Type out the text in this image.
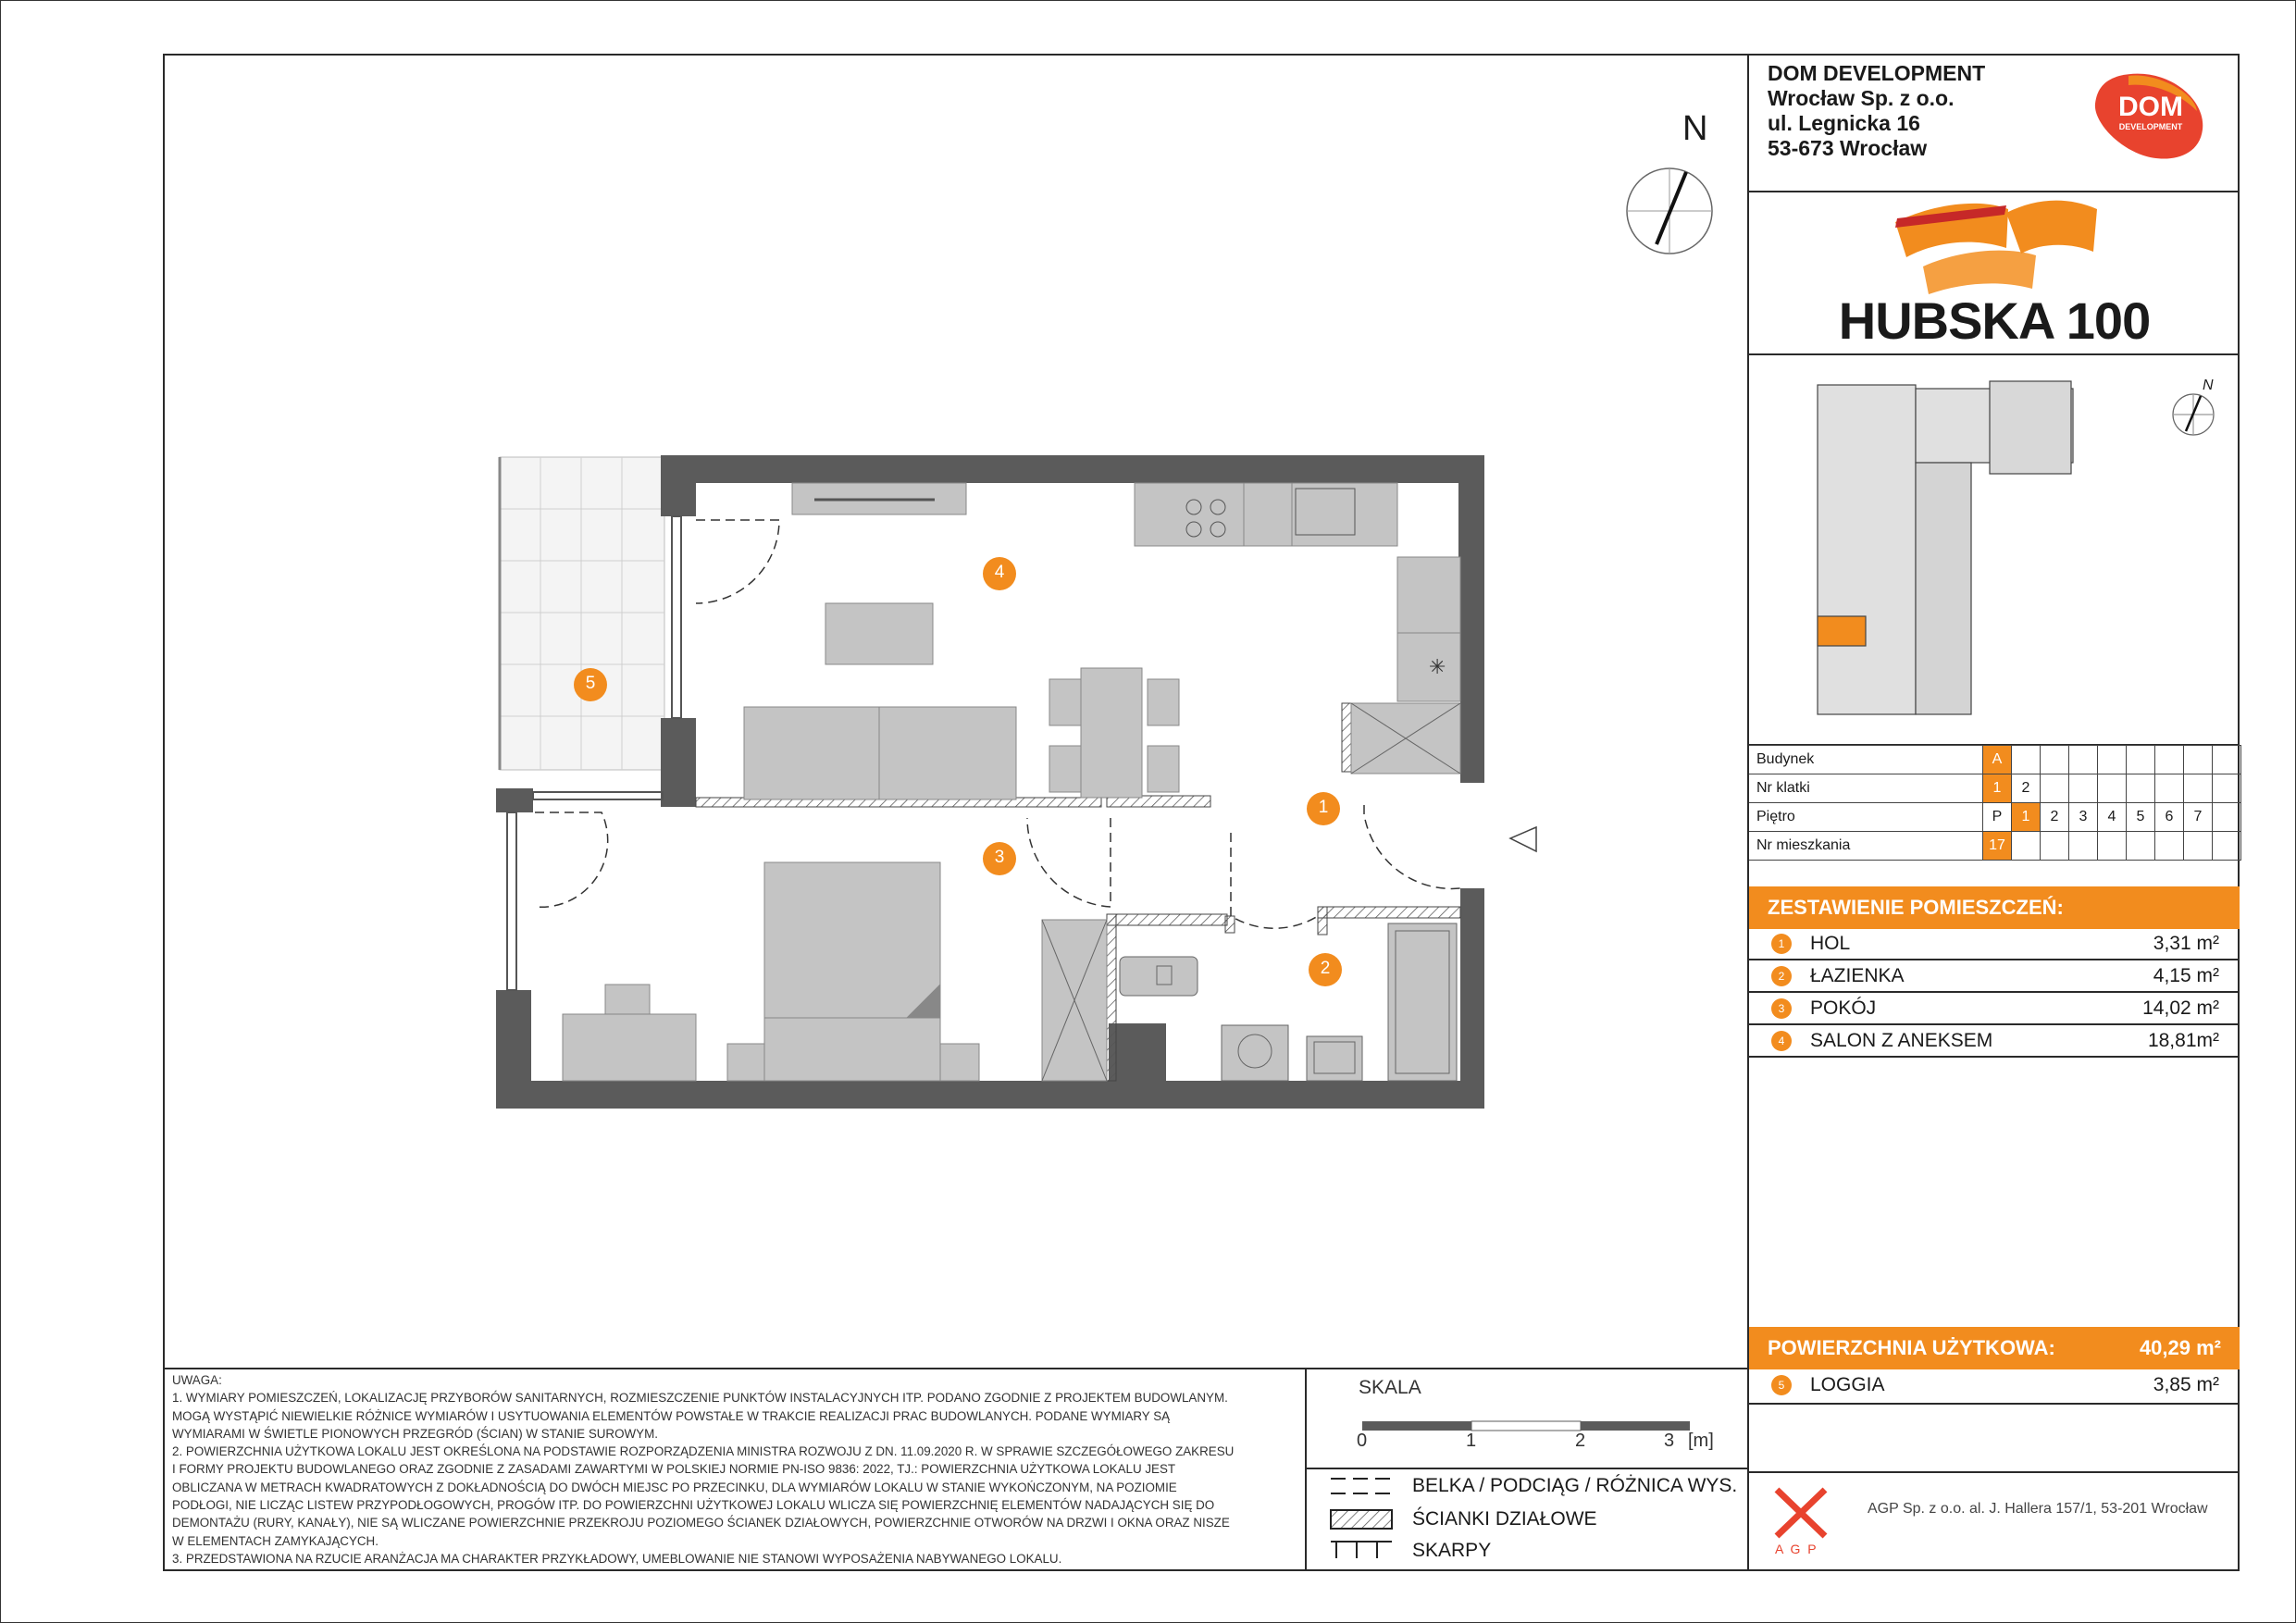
✳
N
DOM DEVELOPMENT
Wrocław Sp. z o.o.
ul. Legnicka 16
53-673 Wrocław
DOM
DEVELOPMENT
HUBSKA 100
N
Budynek	A								
Nr klatki	1	2							
Piętro	P	1	2	3	4	5	6	7	
Nr mieszkania	17								
ZESTAWIENIE POMIESZCZEŃ:
1	HOL	3,31 m²
2	ŁAZIENKA	4,15 m²
3	POKÓJ	14,02 m²
4	SALON Z ANEKSEM	18,81m²
POWIERZCHNIA UŻYTKOWA:	40,29 m²
5	LOGGIA	3,85 m²
1
2
3
4
5
UWAGA:
1. WYMIARY POMIESZCZEŃ, LOKALIZACJĘ PRZYBORÓW SANITARNYCH, ROZMIESZCZENIE PUNKTÓW INSTALACYJNYCH ITP. PODANO ZGODNIE Z PROJEKTEM BUDOWLANYM.
MOGĄ WYSTĄPIĆ NIEWIELKIE RÓŻNICE WYMIARÓW I USYTUOWANIA ELEMENTÓW POWSTAŁE W TRAKCIE REALIZACJI PRAC BUDOWLANYCH. PODANE WYMIARY SĄ
WYMIARAMI W ŚWIETLE PIONOWYCH PRZEGRÓD (ŚCIAN) W STANIE SUROWYM.
2. POWIERZCHNIA UŻYTKOWA LOKALU JEST OKREŚLONA NA PODSTAWIE ROZPORZĄDZENIA MINISTRA ROZWOJU Z DN. 11.09.2020 R. W SPRAWIE SZCZEGÓŁOWEGO ZAKRESU
I FORMY PROJEKTU BUDOWLANEGO ORAZ ZGODNIE Z ZASADAMI ZAWARTYMI W POLSKIEJ NORMIE PN-ISO 9836: 2022, TJ.: POWIERZCHNIA UŻYTKOWA LOKALU JEST
OBLICZANA W METRACH KWADRATOWYCH Z DOKŁADNOŚCIĄ DO DWÓCH MIEJSC PO PRZECINKU, DLA WYMIARÓW LOKALU W STANIE WYKOŃCZONYM, NA POZIOMIE
PODŁOGI, NIE LICZĄC LISTEW PRZYPODŁOGOWYCH, PROGÓW ITP. DO POWIERZCHNI UŻYTKOWEJ LOKALU WLICZA SIĘ POWIERZCHNIĘ ELEMENTÓW NADAJĄCYCH SIĘ DO
DEMONTAŻU (RURY, KANAŁY), NIE SĄ WLICZANE POWIERZCHNIE PRZEKROJU POZIOMEGO ŚCIANEK DZIAŁOWYCH, POWIERZCHNIE OTWORÓW NA DRZWI I OKNA ORAZ NISZE
W ELEMENTACH ZAMYKAJĄCYCH.
3. PRZEDSTAWIONA NA RZUCIE ARANŻACJA MA CHARAKTER PRZYKŁADOWY, UMEBLOWANIE NIE STANOWI WYPOSAŻENIA NABYWANEGO LOKALU.
SKALA
0	1	2	3 [m]
BELKA / PODCIĄG / RÓŻNICA WYS.
ŚCIANKI DZIAŁOWE
SKARPY	A G P
AGP Sp. z o.o. al. J. Hallera 157/1, 53-201 Wrocław
